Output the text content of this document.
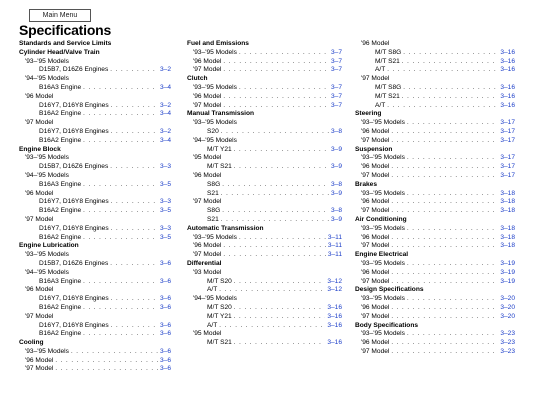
Main Menu
Specifications
Standards and Service Limits
Cylinder Head/Valve Train
'93–'95 Models
D15B7, D16Z6 Engines . . .	3–2
'94–'95 Models
B16A3 Engine . . .	3–4
'96 Model
D16Y7, D16Y8 Engines . . .	3–2
B16A2 Engine . . .	3–4
'97 Model
D16Y7, D16Y8 Engines . . .	3–2
B16A2 Engine . . .	3–4
Engine Block
'93–'95 Models
D15B7, D16Z6 Engines . . .	3–3
'94–'95 Models
B16A3 Engine . . .	3–5
'96 Model
D16Y7, D16Y8 Engines . . .	3–3
B16A2 Engine . . .	3–5
'97 Model
D16Y7, D16Y8 Engines . . .	3–3
B16A2 Engine . . .	3–5
Engine Lubrication
'93–'95 Models
D15B7, D16Z6 Engines . . .	3–6
'94–'95 Models
B16A3 Engine . . .	3–6
'96 Model
D16Y7, D16Y8 Engines . . .	3–6
B16A2 Engine . . .	3–6
'97 Model
D16Y7, D16Y8 Engines . . .	3–6
B16A2 Engine . . .	3–6
Cooling
'93–'95 Models . . .	3–6
'96 Model . . .	3–6
'97 Model . . .	3–6
Fuel and Emissions
'93–'95 Models . . .	3–7
'96 Model . . .	3–7
'97 Model . . .	3–7
Clutch
'93–'95 Models . . .	3–7
'96 Model . . .	3–7
'97 Model . . .	3–7
Manual Transmission
'93–'95 Models
S20 . . .	3–8
'94–'95 Models
M/T Y21 . . .	3–9
'95 Model
M/T S21 . . .	3–9
'96 Model
S8G . . .	3–8
S21 . . .	3–9
'97 Model
S8G . . .	3–8
S21 . . .	3–9
Automatic Transmission
'93–'95 Models . . .	3–11
'96 Model . . .	3–11
'97 Model . . .	3–11
Differential
'93 Model
M/T S20 . . .	3–12
A/T . . .	3–12
'94–'95 Models
M/T S20 . . .	3–16
M/T Y21 . . .	3–16
A/T . . .	3–16
'95 Model
M/T S21 . . .	3–16
'96 Model
M/T S8G . . .	3–16
M/T S21 . . .	3–16
A/T . . .	3–16
'97 Model
M/T S8G . . .	3–16
M/T S21 . . .	3–16
A/T . . .	3–16
Steering
'93–'95 Models . . .	3–17
'96 Model . . .	3–17
'97 Model . . .	3–17
Suspension
'93–'95 Models . . .	3–17
'96 Model . . .	3–17
'97 Model . . .	3–17
Brakes
'93–'95 Models . . .	3–18
'96 Model . . .	3–18
'97 Model . . .	3–18
Air Conditioning
'93–'95 Models . . .	3–18
'96 Model . . .	3–18
'97 Model . . .	3–18
Engine Electrical
'93–'95 Models . . .	3–19
'96 Model . . .	3–19
'97 Model . . .	3–19
Design Specifications
'93–'95 Models . . .	3–20
'96 Model . . .	3–20
'97 Model . . .	3–20
Body Specifications
'93–'95 Models . . .	3–23
'96 Model . . .	3–23
'97 Model . . .	3–23
